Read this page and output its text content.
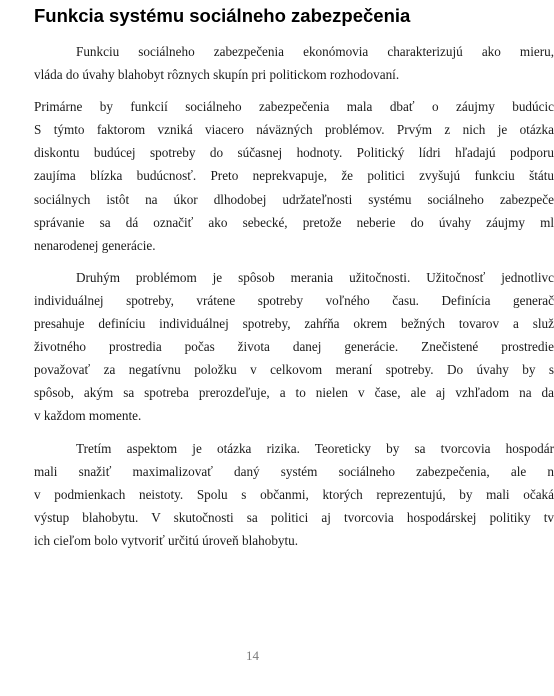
Funkcia systému sociálneho zabezpečenia

Funkciu sociálneho zabezpečenia ekonómovia charakterizujú ako mieru,
vláda do úvahy blahobyt rôznych skupín pri politickom rozhodovaní.

Primárne by funkcií sociálneho zabezpečenia mala dbať o záujmy budúcic
S týmto faktorom vzniká viacero náväzných problémov. Prvým z nich je otázka
diskontu budúcej spotreby do súčasnej hodnoty. Politický lídri hľadajú podporu
zaujíma blízka budúcnosť. Preto neprekvapuje, že politici zvyšujú funkciu štátu
sociálnych istôt na úkor dlhodobej udržateľnosti systému sociálneho zabezpeče
správanie sa dá označiť ako sebecké, pretože neberie do úvahy záujmy ml
nenarodenej generácie.

Druhým problémom je spôsob merania užitočnosti. Užitočnosť jednotlivc
individuálnej spotreby, vrátene spotreby voľného času. Definícia generač
presahuje definíciu individuálnej spotreby, zahŕňa okrem bežných tovarov a služ
životného prostredia počas života danej generácie. Znečistené prostredie
považovať za negatívnu položku v celkovom meraní spotreby. Do úvahy by s
spôsob, akým sa spotreba prerozdeľuje, a to nielen v čase, ale aj vzhľadom na da
v každom momente.

Tretím aspektom je otázka rizika. Teoreticky by sa tvorcovia hospodár
mali snažiť maximalizovať daný systém sociálneho zabezpečenia, ale n
v podmienkach neistoty. Spolu s občanmi, ktorých reprezentujú, by mali očaká
výstup blahobytu. V skutočnosti sa politici aj tvorcovia hospodárskej politiky tv
ich cieľom bolo vytvoriť určitú úroveň blahobytu.

14
